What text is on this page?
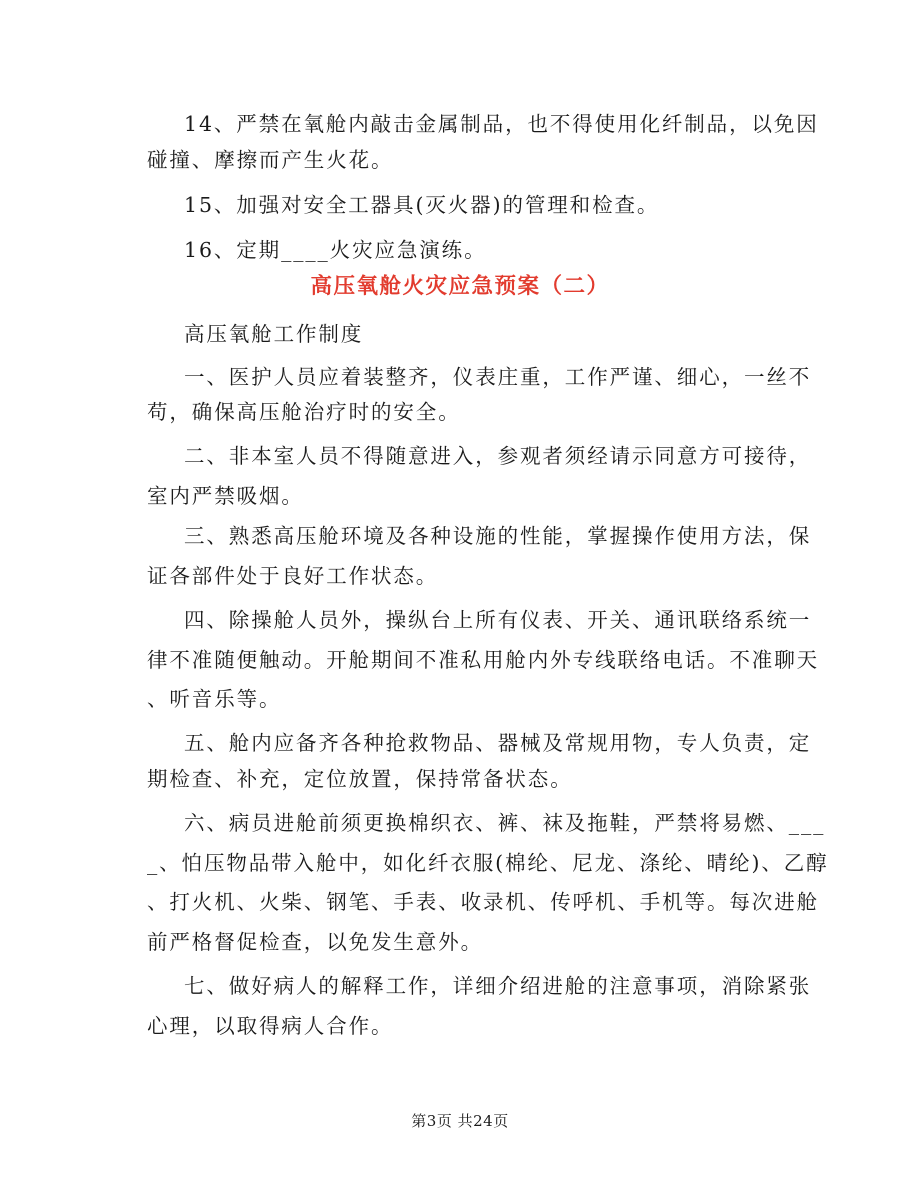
14、严禁在氧舱内敲击金属制品，也不得使用化纤制品，以免因
碰撞、摩擦而产生火花。
15、加强对安全工器具(灭火器)的管理和检查。
16、定期____火灾应急演练。
高压氧舱火灾应急预案（二）
高压氧舱工作制度
一、医护人员应着装整齐，仪表庄重，工作严谨、细心，一丝不
苟，确保高压舱治疗时的安全。
二、非本室人员不得随意进入，参观者须经请示同意方可接待，
室内严禁吸烟。
三、熟悉高压舱环境及各种设施的性能，掌握操作使用方法，保
证各部件处于良好工作状态。
四、除操舱人员外，操纵台上所有仪表、开关、通讯联络系统一
律不准随便触动。开舱期间不准私用舱内外专线联络电话。不准聊天
、听音乐等。
五、舱内应备齐各种抢救物品、器械及常规用物，专人负责，定
期检查、补充，定位放置，保持常备状态。
六、病员进舱前须更换棉织衣、裤、袜及拖鞋，严禁将易燃、___
_、怕压物品带入舱中，如化纤衣服(棉纶、尼龙、涤纶、晴纶)、乙醇
、打火机、火柴、钢笔、手表、收录机、传呼机、手机等。每次进舱
前严格督促检查，以免发生意外。
七、做好病人的解释工作，详细介绍进舱的注意事项，消除紧张
心理，以取得病人合作。
第3页 共24页
